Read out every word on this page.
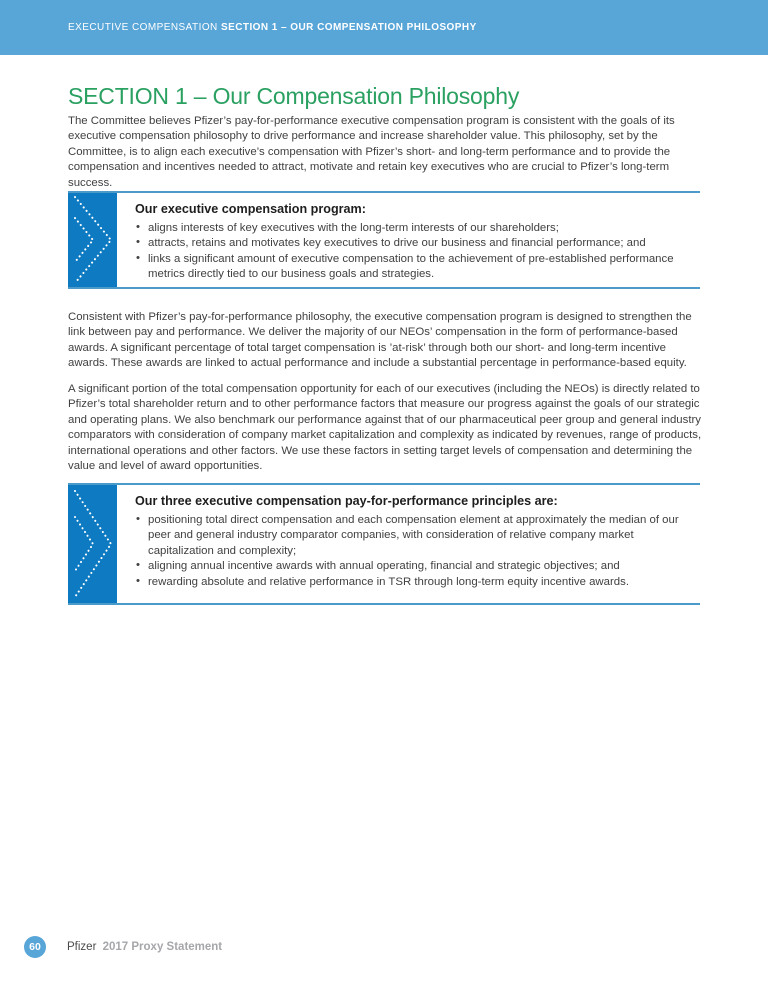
EXECUTIVE COMPENSATION SECTION 1 – OUR COMPENSATION PHILOSOPHY
SECTION 1 – Our Compensation Philosophy

The Committee believes Pfizer’s pay-for-performance executive compensation program is consistent with the goals of its executive compensation philosophy to drive performance and increase shareholder value. This philosophy, set by the Committee, is to align each executive’s compensation with Pfizer’s short- and long-term performance and to provide the compensation and incentives needed to attract, motivate and retain key executives who are crucial to Pfizer’s long-term success.

Our executive compensation program:
• aligns interests of key executives with the long-term interests of our shareholders;
• attracts, retains and motivates key executives to drive our business and financial performance; and
• links a significant amount of executive compensation to the achievement of pre-established performance metrics directly tied to our business goals and strategies.

Consistent with Pfizer’s pay-for-performance philosophy, the executive compensation program is designed to strengthen the link between pay and performance. We deliver the majority of our NEOs’ compensation in the form of performance-based awards. A significant percentage of total target compensation is ’at-risk’ through both our short- and long-term incentive awards. These awards are linked to actual performance and include a substantial percentage in performance-based equity.

A significant portion of the total compensation opportunity for each of our executives (including the NEOs) is directly related to Pfizer’s total shareholder return and to other performance factors that measure our progress against the goals of our strategic and operating plans. We also benchmark our performance against that of our pharmaceutical peer group and general industry comparators with consideration of company market capitalization and complexity as indicated by revenues, range of products, international operations and other factors. We use these factors in setting target levels of compensation and determining the value and level of award opportunities.

Our three executive compensation pay-for-performance principles are:
• positioning total direct compensation and each compensation element at approximately the median of our peer and general industry comparator companies, with consideration of relative company market capitalization and complexity;
• aligning annual incentive awards with annual operating, financial and strategic objectives; and
• rewarding absolute and relative performance in TSR through long-term equity incentive awards.
60	Pfizer 2017 Proxy Statement
